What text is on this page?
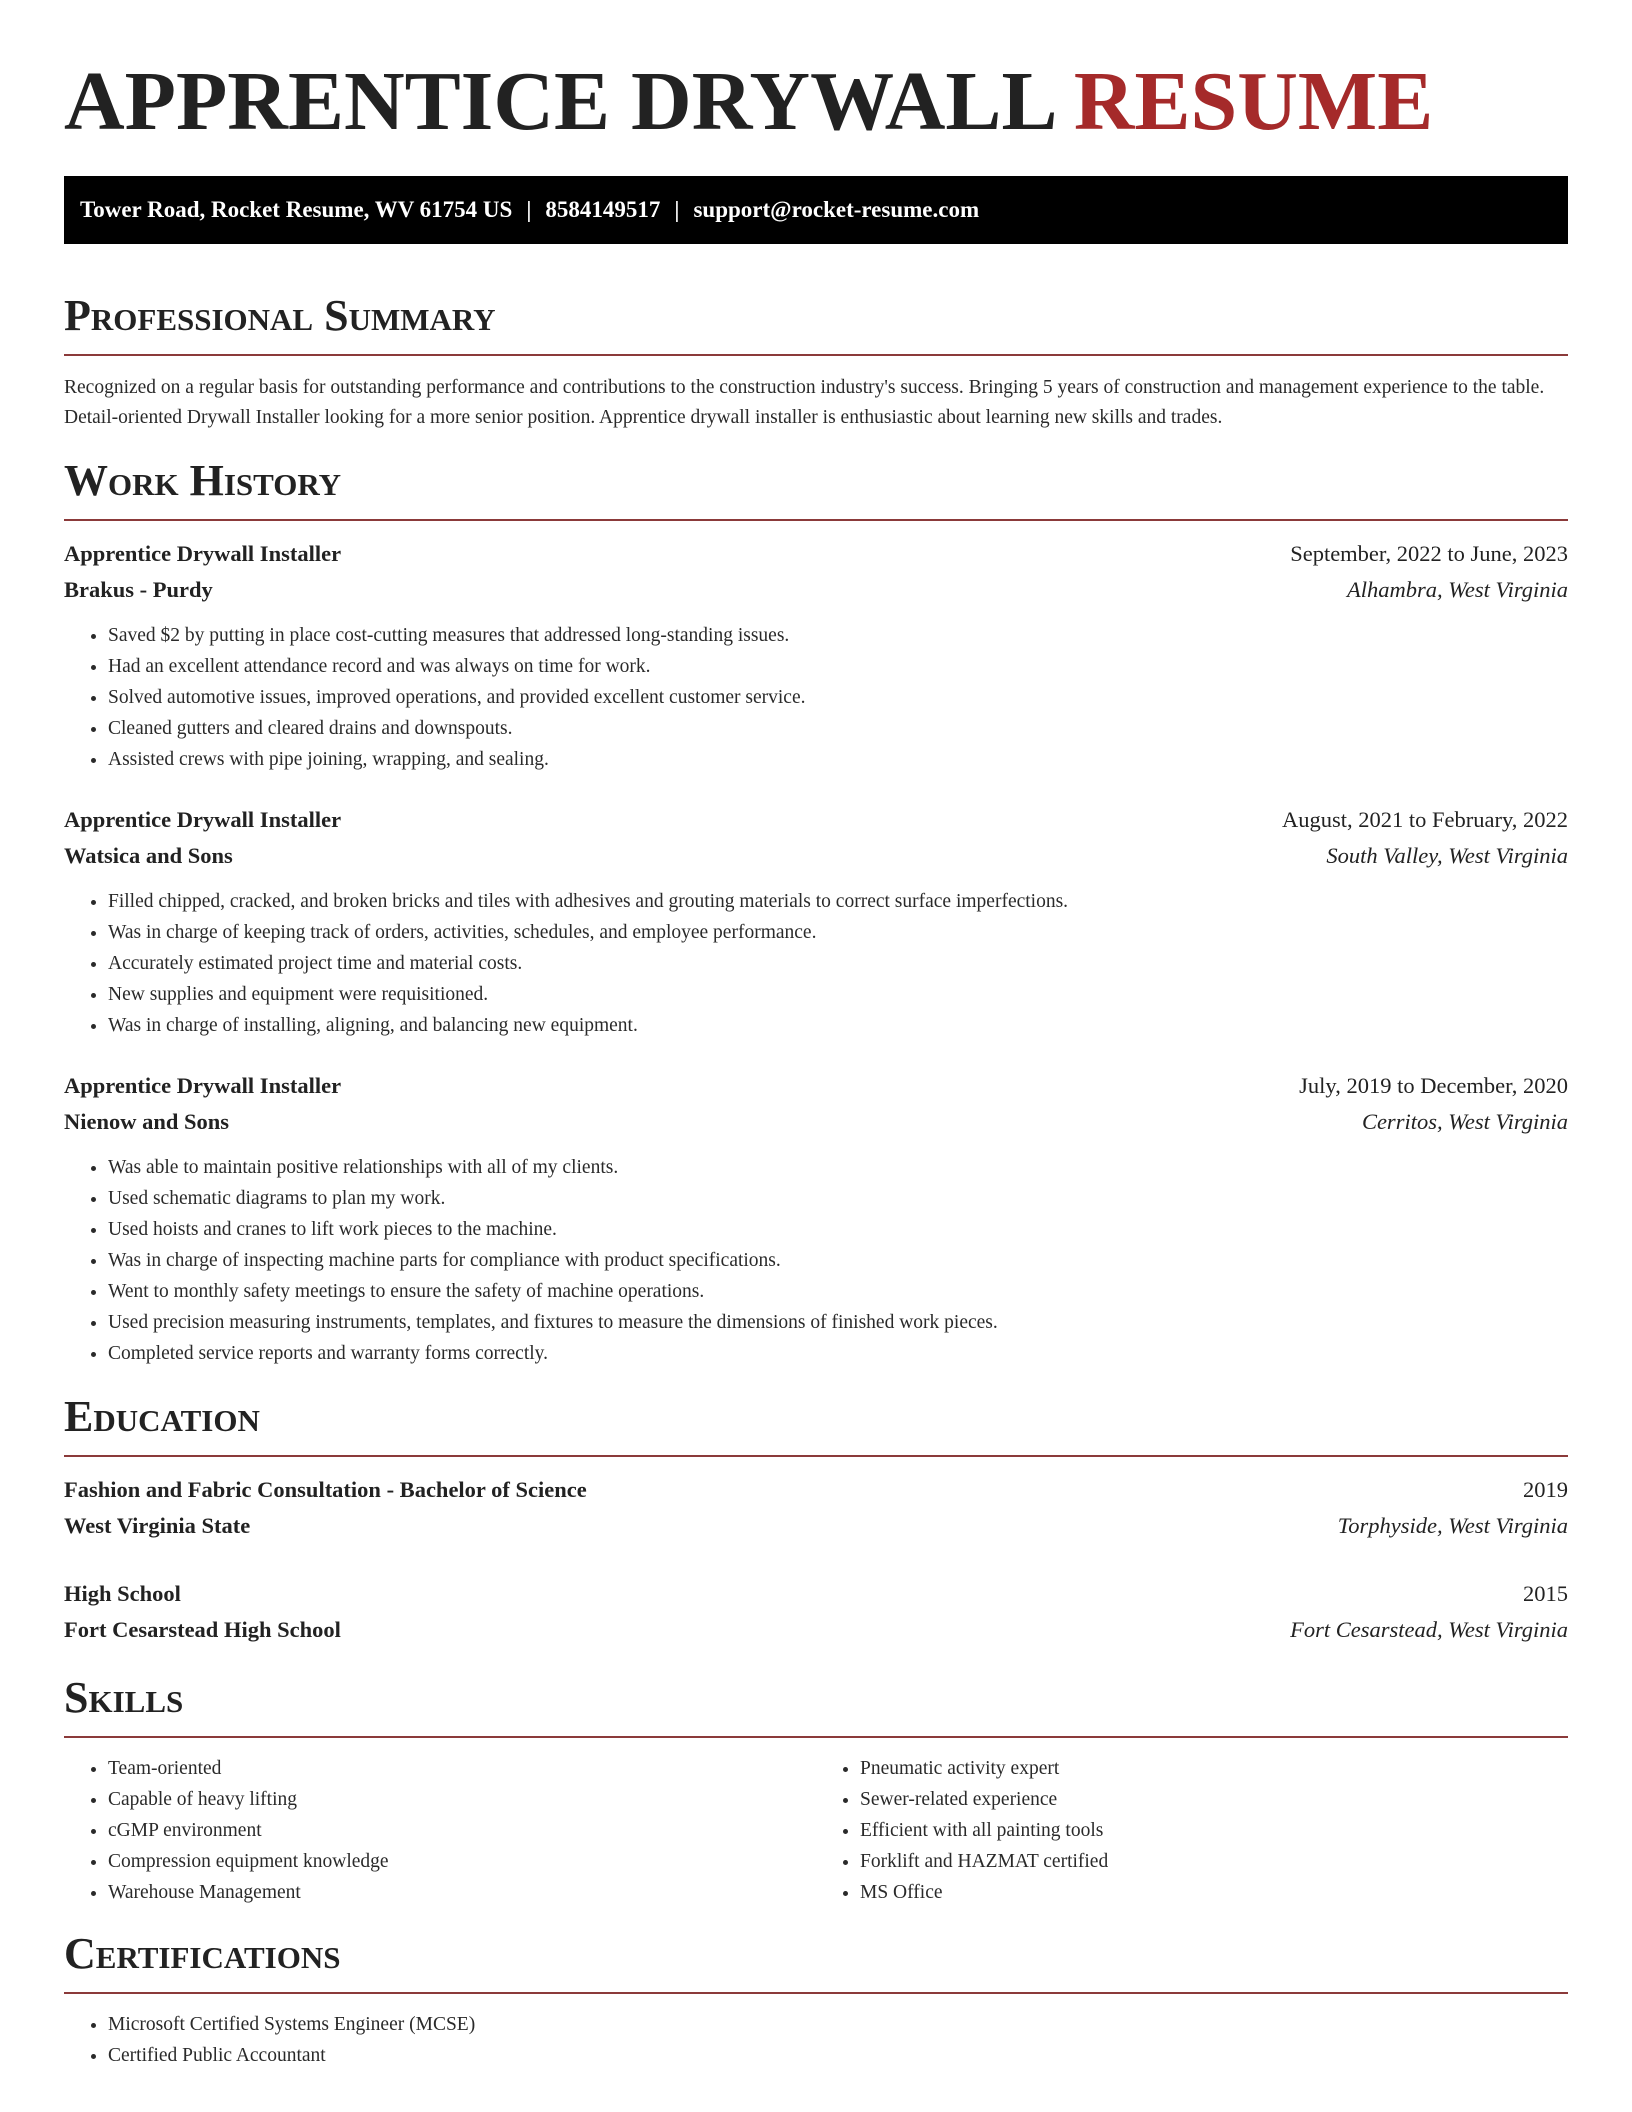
APPRENTICE DRYWALL RESUME
Tower Road, Rocket Resume, WV 61754 US | 8584149517 | support@rocket-resume.com
Professional Summary
Recognized on a regular basis for outstanding performance and contributions to the construction industry's success. Bringing 5 years of construction and management experience to the table. Detail-oriented Drywall Installer looking for a more senior position. Apprentice drywall installer is enthusiastic about learning new skills and trades.
Work History
Apprentice Drywall Installer	September, 2022 to June, 2023
Brakus - Purdy	Alhambra, West Virginia
• Saved $2 by putting in place cost-cutting measures that addressed long-standing issues.
• Had an excellent attendance record and was always on time for work.
• Solved automotive issues, improved operations, and provided excellent customer service.
• Cleaned gutters and cleared drains and downspouts.
• Assisted crews with pipe joining, wrapping, and sealing.
Apprentice Drywall Installer	August, 2021 to February, 2022
Watsica and Sons	South Valley, West Virginia
• Filled chipped, cracked, and broken bricks and tiles with adhesives and grouting materials to correct surface imperfections.
• Was in charge of keeping track of orders, activities, schedules, and employee performance.
• Accurately estimated project time and material costs.
• New supplies and equipment were requisitioned.
• Was in charge of installing, aligning, and balancing new equipment.
Apprentice Drywall Installer	July, 2019 to December, 2020
Nienow and Sons	Cerritos, West Virginia
• Was able to maintain positive relationships with all of my clients.
• Used schematic diagrams to plan my work.
• Used hoists and cranes to lift work pieces to the machine.
• Was in charge of inspecting machine parts for compliance with product specifications.
• Went to monthly safety meetings to ensure the safety of machine operations.
• Used precision measuring instruments, templates, and fixtures to measure the dimensions of finished work pieces.
• Completed service reports and warranty forms correctly.
Education
Fashion and Fabric Consultation - Bachelor of Science	2019
West Virginia State	Torphyside, West Virginia
High School	2015
Fort Cesarstead High School	Fort Cesarstead, West Virginia
Skills
• Team-oriented
• Capable of heavy lifting
• cGMP environment
• Compression equipment knowledge
• Warehouse Management
• Pneumatic activity expert
• Sewer-related experience
• Efficient with all painting tools
• Forklift and HAZMAT certified
• MS Office
Certifications
• Microsoft Certified Systems Engineer (MCSE)
• Certified Public Accountant
